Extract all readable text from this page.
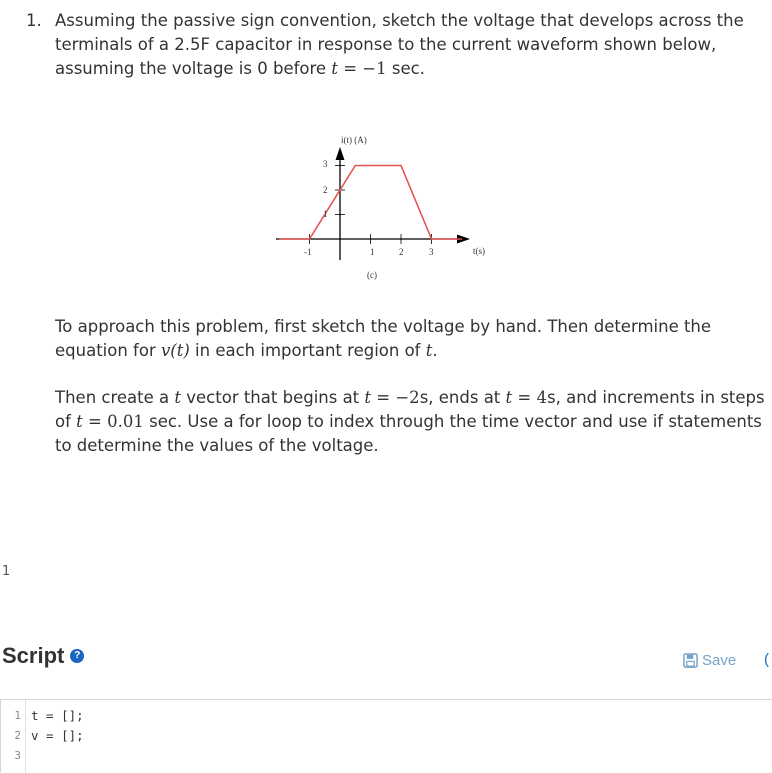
1. Assuming the passive sign convention, sketch the voltage that develops across the terminals of a 2.5F capacitor in response to the current waveform shown below, assuming the voltage is 0 before t = −1 sec.
i(t) (A)
t(s)
(c)
3
2
1
-1	1	2	3
To approach this problem, first sketch the voltage by hand. Then determine the equation for v(t) in each important region of t.
Then create a t vector that begins at t = −2s, ends at t = 4s, and increments in steps of t = 0.01 sec. Use a for loop to index through the time vector and use if statements to determine the values of the voltage.
1
Script ?	Save (
1 t = [];
2 v = [];
3
